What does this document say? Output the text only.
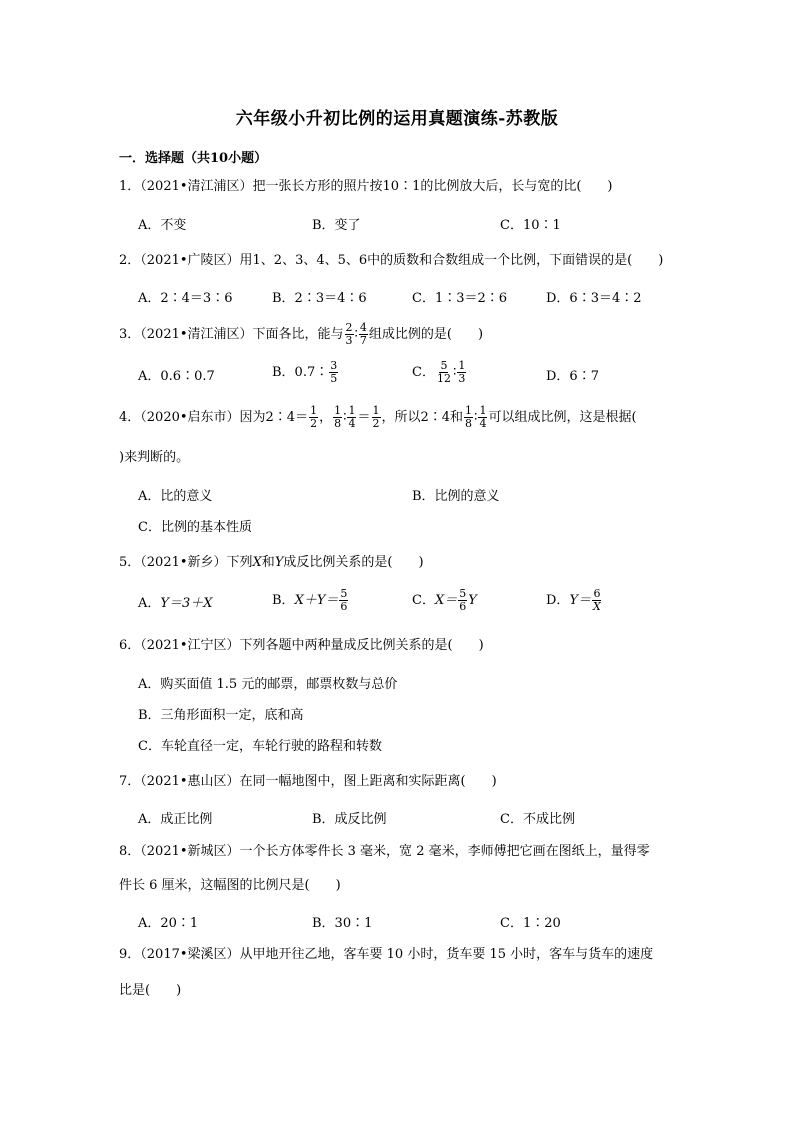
六年级小升初比例的运用真题演练-苏教版
一．选择题（共10小题）
1．（2021•清江浦区）把一张长方形的照片按10∶1的比例放大后，长与宽的比(　　)
A．不变	B．变了	C．10∶1
2．（2021•广陵区）用1、2、3、4、5、6中的质数和合数组成一个比例，下面错误的是(　　)
A．2∶4＝3∶6	B．2∶3＝4∶6	C．1∶3＝2∶6	D．6∶3＝4∶2
3．（2021•清江浦区）下面各比，能与 $\frac{2}{3}$ ∶ $\frac{4}{7}$ 组成比例的是(　　)
A．0.6∶0.7	B．0.7∶ $\frac{3}{5}$	C． $\frac{5}{12}$ ∶ $\frac{1}{3}$	D．6∶7
4．（2020•启东市）因为2∶4＝ $\frac{1}{2}$ ， $\frac{1}{8}$ ∶ $\frac{1}{4} = \frac{1}{2}$ ，所以2∶4和 $\frac{1}{8}$ ∶ $\frac{1}{4}$ 可以组成比例，这是根据(
)来判断的。
A．比的意义	B．比例的意义
C．比例的基本性质
5．（2021•新乡）下列X和Y成反比例关系的是(　　)
A．Y＝3＋X	B．$X+Y= \frac{5}{6}$	C．$X= \frac{5}{6}$ Y	D．$Y= \frac{6}{X}$
6．（2021•江宁区）下列各题中两种量成反比例关系的是(　　)
A．购买面值 1.5 元的邮票，邮票枚数与总价
B．三角形面积一定，底和高
C．车轮直径一定，车轮行驶的路程和转数
7．（2021•惠山区）在同一幅地图中，图上距离和实际距离(　　)
A．成正比例	B．成反比例	C．不成比例
8．（2021•新城区）一个长方体零件长 3 毫米，宽 2 毫米，李师傅把它画在图纸上，量得零
件长 6 厘米，这幅图的比例尺是(　　)
A．20∶1	B．30∶1	C．1∶20
9．（2017•梁溪区）从甲地开往乙地，客车要 10 小时，货车要 15 小时，客车与货车的速度
比是(　　)
